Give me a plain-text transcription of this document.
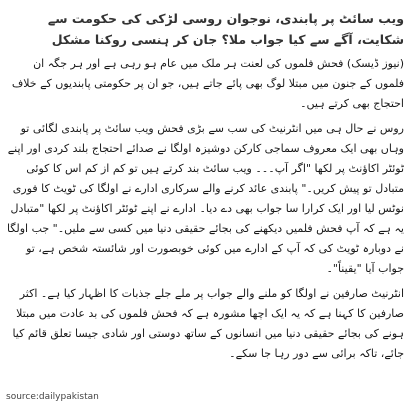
ویب سائٹ پر پابندی، نوجوان روسی لڑکی کی حکومت سے شکایت، آگے سے کیا جواب ملا؟ جان کر ہنسی روکنا مشکل

(نیوز ڈیسک) فحش فلموں کی لعنت ہر ملک میں عام ہو رہی ہے اور ہر جگہ ان فلموں کے جنون میں مبتلا لوگ بھی پائے جاتے ہیں، جو ان پر حکومتی پابندیوں کے خلاف احتجاج بھی کرتے ہیں۔

روس نے حال ہی میں انٹرنیٹ کی سب سے بڑی فحش ویب سائٹ پر پابندی لگائی تو وہاں بھی ایک معروف سماجی کارکن دوشیزہ اولگا نے صدائے احتجاج بلند کردی اور اپنے ٹوئٹر اکاؤنٹ پر لکھا "اگر آپ۔۔۔ ویب سائٹ بند کرتے ہیں تو کم از کم اس کا کوئی متبادل تو پیش کریں۔" پابندی عائد کرنے والے سرکاری ادارے نے اولگا کی ٹویٹ کا فوری نوٹس لیا اور ایک کرارا سا جواب بھی دے دیا۔ ادارے نے اپنے ٹوئٹر اکاؤنٹ پر لکھا "متبادل یہ ہے کہ آپ فحش فلمیں دیکھنے کی بجائے حقیقی دنیا میں کسی سے ملیں۔" جب اولگا نے دوبارہ ٹویٹ کی کہ آپ کے ادارے میں کوئی خوبصورت اور شائستہ شخص ہے، تو جواب آیا "یقیناً"۔

انٹرنیٹ صارفین نے اولگا کو ملنے والے جواب پر ملے جلے جذبات کا اظہار کیا ہے۔ اکثر صارفین کا کہنا ہے کہ یہ ایک اچھا مشورہ ہے کہ فحش فلموں کی بد عادت میں مبتلا ہونے کی بجائے حقیقی دنیا میں انسانوں کے ساتھ دوستی اور شادی جیسا تعلق قائم کیا جائے، تاکہ برائی سے دور رہا جا سکے۔

source:dailypakistan
